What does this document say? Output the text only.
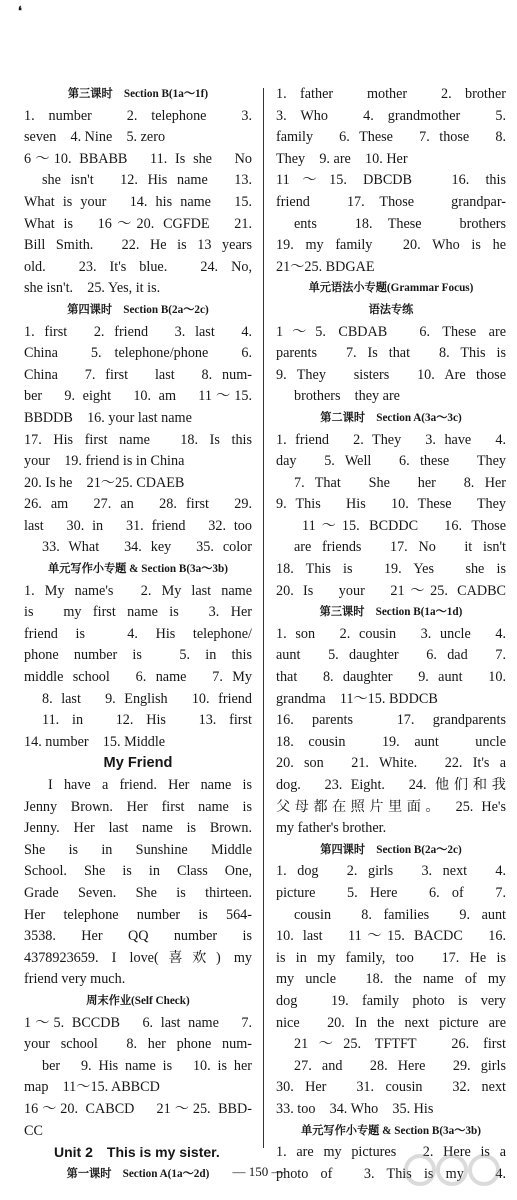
❛
第三课时　Section B(1a～1f)
1. number　2. telephone　3.
seven　4. Nine　5. zero
6～10. BBABB　11. Is she　No
she isn't　12. His name　13.
What is your　14. his name　15.
What is　16～20. CGFDE　21.
Bill Smith.　22. He is 13 years
old.　23. It's blue.　24. No,
she isn't.　25. Yes, it is.
第四课时　Section B(2a～2c)
1. first　2. friend　3. last　4.
China　5. telephone/phone　6.
China　7. first　last　8. num-
ber　9. eight　10. am　11～15.
BBDDB　16. your last name
17. His first name　18. Is this
your　19. friend is in China
20. Is he　21～25. CDAEB
26. am　27. an　28. first　29.
last　30. in　31. friend　32. too
33. What　34. key　35. color
单元写作小专题 & Section B(3a～3b)
1. My name's　2. My last name
is　my first name is　3. Her
friend is　4. His telephone/
phone number is　5. in this
middle school　6. name　7. My
8. last　9. English　10. friend
11. in　12. His　13. first
14. number　15. Middle
My Friend
I have a friend. Her name is
Jenny Brown. Her first name is
Jenny. Her last name is Brown.
She is in Sunshine Middle
School. She is in Class One,
Grade Seven. She is thirteen.
Her telephone number is 564-
3538. Her QQ number is
4378923659. I love(喜欢) my
friend very much.
周末作业(Self Check)
1～5. BCCDB　6. last name　7.
your school　8. her phone num-
ber　9. His name is　10. is her
map　11～15. ABBCD
16～20. CABCD　21～25. BBD-
CC
Unit 2　This is my sister.
第一课时　Section A(1a～2d)
1. father　mother　2. brother
3. Who　4. grandmother　5.
family　6. These　7. those　8.
They　9. are　10. Her
11～15. DBCDB　16. this
friend　17. Those　grandpar-
ents　18. These　brothers
19. my family　20. Who is he
21～25. BDGAE
单元语法小专题(Grammar Focus)
语法专练
1～5. CBDAB　6. These are
parents　7. Is that　8. This is
9. They　sisters　10. Are those
brothers　they are
第二课时　Section A(3a～3c)
1. friend　2. They　3. have　4.
day　5. Well　6. these　They
7. That　She　her　8. Her
9. This　His　10. These　They
11～15. BCDDC　16. Those
are friends　17. No　it isn't
18. This is　19. Yes　she is
20. Is　your　21～25. CADBC
第三课时　Section B(1a～1d)
1. son　2. cousin　3. uncle　4.
aunt　5. daughter　6. dad　7.
that　8. daughter　9. aunt　10.
grandma　11～15. BDDCB
16. parents　17. grandparents
18. cousin　19. aunt　uncle
20. son　21. White.　22. It's a
dog.　23. Eight.　24. 他们和我
父母都在照片里面。　25. He's
my father's brother.
第四课时　Section B(2a～2c)
1. dog　2. girls　3. next　4.
picture　5. Here　6. of　7.
cousin　8. families　9. aunt
10. last　11～15. BACDC　16.
is in my family, too　17. He is
my uncle　18. the name of my
dog　19. family photo is very
nice　20. In the next picture are
21～25. TFTFT　26. first
27. and　28. Here　29. girls
30. Her　31. cousin　32. next
33. too　34. Who　35. His
单元写作小专题 & Section B(3a～3b)
1. are my pictures　2. Here is a
photo of　3. This is my　4.
— 150 —
